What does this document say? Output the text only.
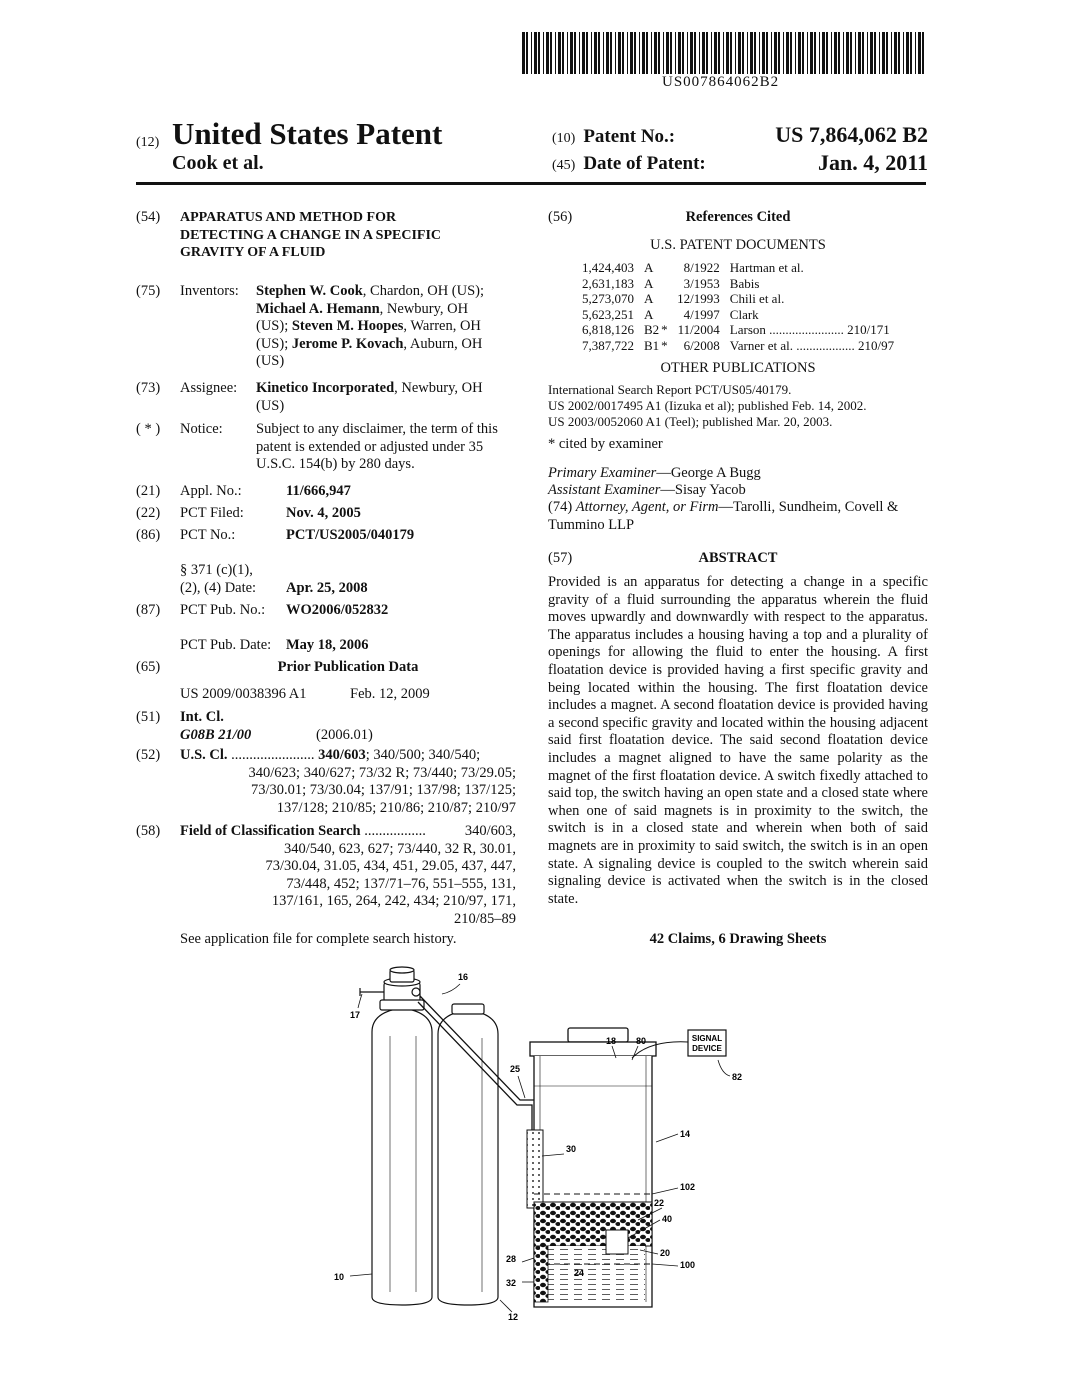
US007864062B2
(12) United States Patent
Cook et al.
(10) Patent No.:	US 7,864,062 B2
(45) Date of Patent:	Jan. 4, 2011
(54) APPARATUS AND METHOD FOR
DETECTING A CHANGE IN A SPECIFIC
GRAVITY OF A FLUID
(75) Inventors: Stephen W. Cook, Chardon, OH (US);
Michael A. Hemann, Newbury, OH
(US); Steven M. Hoopes, Warren, OH
(US); Jerome P. Kovach, Auburn, OH
(US)
(73) Assignee: Kinetico Incorporated, Newbury, OH
(US)
( * ) Notice: Subject to any disclaimer, the term of this
patent is extended or adjusted under 35
U.S.C. 154(b) by 280 days.
(21) Appl. No.:	11/666,947
(22) PCT Filed:	Nov. 4, 2005
(86) PCT No.:	PCT/US2005/040179
§ 371 (c)(1),
(2), (4) Date: Apr. 25, 2008
(87) PCT Pub. No.: WO2006/052832
PCT Pub. Date: May 18, 2006
(65)	Prior Publication Data
US 2009/0038396 A1	Feb. 12, 2009
(51) Int. Cl.
G08B 21/00	(2006.01)
(52) U.S. Cl. ....................... 340/603; 340/500; 340/540;
340/623; 340/627; 73/32 R; 73/440; 73/29.05;
73/30.01; 73/30.04; 137/91; 137/98; 137/125;
137/128; 210/85; 210/86; 210/87; 210/97
(58) Field of Classification Search .................	340/603,
340/540, 623, 627; 73/440, 32 R, 30.01,
73/30.04, 31.05, 434, 451, 29.05, 437, 447,
73/448, 452; 137/71–76, 551–555, 131,
137/161, 165, 264, 242, 434; 210/97, 171,
210/85–89
See application file for complete search history.
(56)	References Cited
U.S. PATENT DOCUMENTS
1,424,403	A		8/1922	Hartman et al.
2,631,183	A		3/1953	Babis
5,273,070	A		12/1993	Chili et al.
5,623,251	A		4/1997	Clark
6,818,126	B2	*	11/2004	Larson ....................... 210/171
7,387,722	B1	*	6/2008	Varner et al. .................. 210/97
OTHER PUBLICATIONS
International Search Report PCT/US05/40179.
US 2002/0017495 A1 (Iizuka et al); published Feb. 14, 2002.
US 2003/0052060 A1 (Teel); published Mar. 20, 2003.
* cited by examiner
Primary Examiner—George A Bugg
Assistant Examiner—Sisay Yacob
(74) Attorney, Agent, or Firm—Tarolli, Sundheim, Covell &
Tummino LLP
(57)	ABSTRACT
Provided is an apparatus for detecting a change in a specific gravity of a fluid surrounding the apparatus wherein the fluid moves upwardly and downwardly with respect to the apparatus. The apparatus includes a housing having a top and a plurality of openings for allowing the fluid to enter the housing. A first floatation device is provided having a first specific gravity and being located within the housing. The first floatation device includes a magnet. A second floatation device is provided having a second specific gravity and located within the housing adjacent said first floatation device. The said second floatation device includes a magnet aligned to have the same polarity as the magnet of the first floatation device. A switch fixedly attached to said top, the switch having an open state and a closed state where when one of said magnets is in proximity to the switch, the switch is in a closed state and wherein when both of said magnets are in proximity to said switch, the switch is in an open state. A signaling device is coupled to the switch wherein said signaling device is activated when the switch is in the closed state.
42 Claims, 6 Drawing Sheets
SIGNAL
DEVICE
16
17
18 80
82
25
14
30
102
22
40
20
28
24
100
32
10
12
